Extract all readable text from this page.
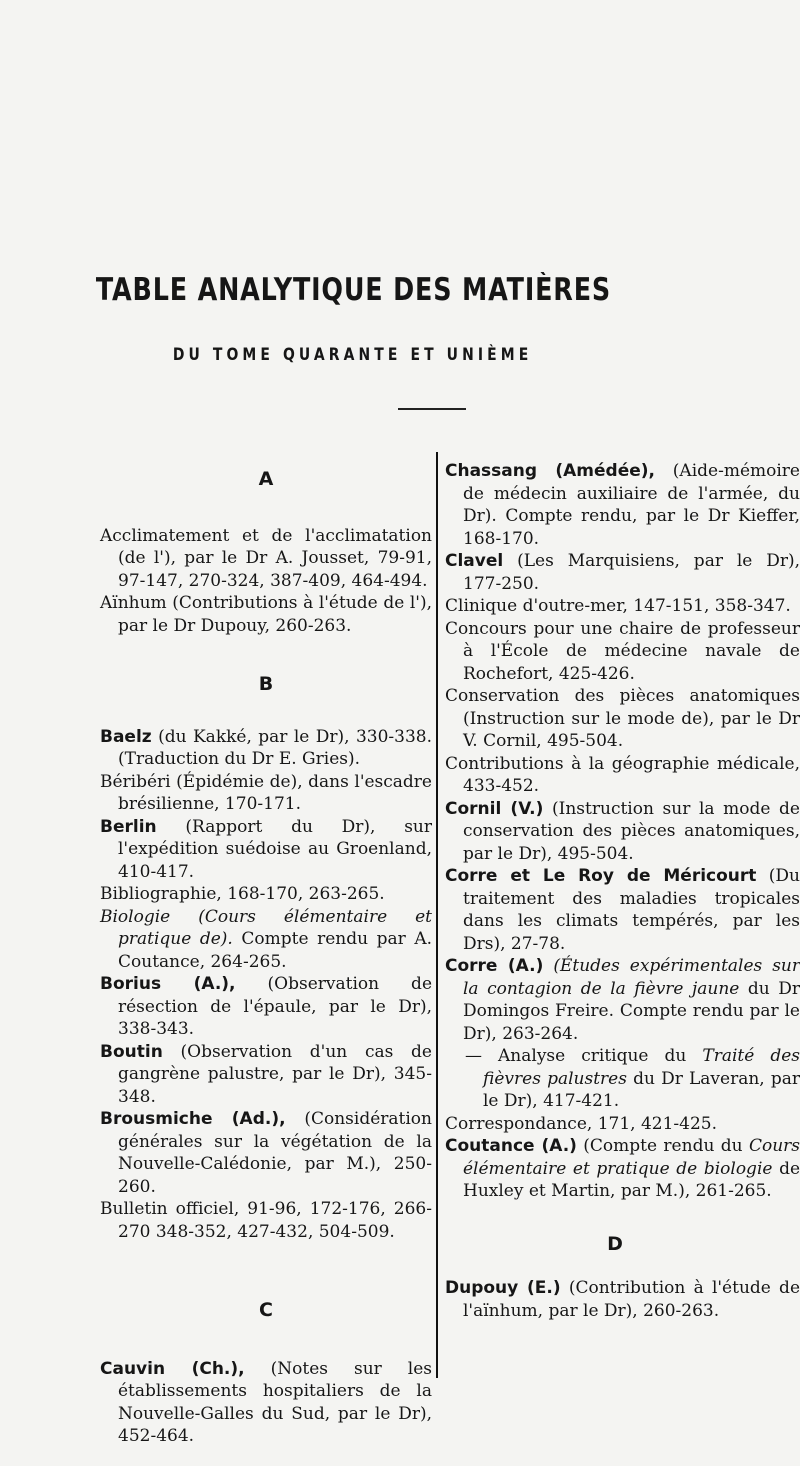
TABLE ANALYTIQUE DES MATIÈRES
DU TOME QUARANTE ET UNIÈME

A

Acclimatement et de l'acclimatation (de l'), par le Dr A. Jousset, 79-91, 97-147, 270-324, 387-409, 464-494.

Aïnhum (Contributions à l'étude de l'), par le Dr Dupouy, 260-263.

B

Baelz (du Kakké, par le Dr), 330-338. (Traduction du Dr E. Gries).

Béribéri (Épidémie de), dans l'escadre brésilienne, 170-171.

Berlin (Rapport du Dr), sur l'expédition suédoise au Groenland, 410-417.

Bibliographie, 168-170, 263-265.

Biologie (Cours élémentaire et pratique de). Compte rendu par A. Coutance, 264-265.

Borius (A.), (Observation de résection de l'épaule, par le Dr), 338-343.

Boutin (Observation d'un cas de gangrène palustre, par le Dr), 345-348.

Brousmiche (Ad.), (Considération générales sur la végétation de la Nouvelle-Calédonie, par M.), 250-260.

Bulletin officiel, 91-96, 172-176, 266-270 348-352, 427-432, 504-509.

C

Cauvin (Ch.), (Notes sur les établissements hospitaliers de la Nouvelle-Galles du Sud, par le Dr), 452-464.

Chassang (Amédée), (Aide-mémoire de médecin auxiliaire de l'armée, du Dr). Compte rendu, par le Dr Kieffer, 168-170.

Clavel (Les Marquisiens, par le Dr), 177-250.

Clinique d'outre-mer, 147-151, 358-347.

Concours pour une chaire de professeur à l'École de médecine navale de Rochefort, 425-426.

Conservation des pièces anatomiques (Instruction sur le mode de), par le Dr V. Cornil, 495-504.

Contributions à la géographie médicale, 433-452.

Cornil (V.) (Instruction sur la mode de conservation des pièces anatomiques, par le Dr), 495-504.

Corre et Le Roy de Méricourt (Du traitement des maladies tropicales dans les climats tempérés, par les Drs), 27-78.

Corre (A.) (Études expérimentales sur la contagion de la fièvre jaune du Dr Domingos Freire. Compte rendu par le Dr), 263-264.

— Analyse critique du Traité des fièvres palustres du Dr Laveran, par le Dr), 417-421.

Correspondance, 171, 421-425.

Coutance (A.) (Compte rendu du Cours élémentaire et pratique de biologie de Huxley et Martin, par M.), 261-265.

D

Dupouy (E.) (Contribution à l'étude de l'aïnhum, par le Dr), 260-263.
